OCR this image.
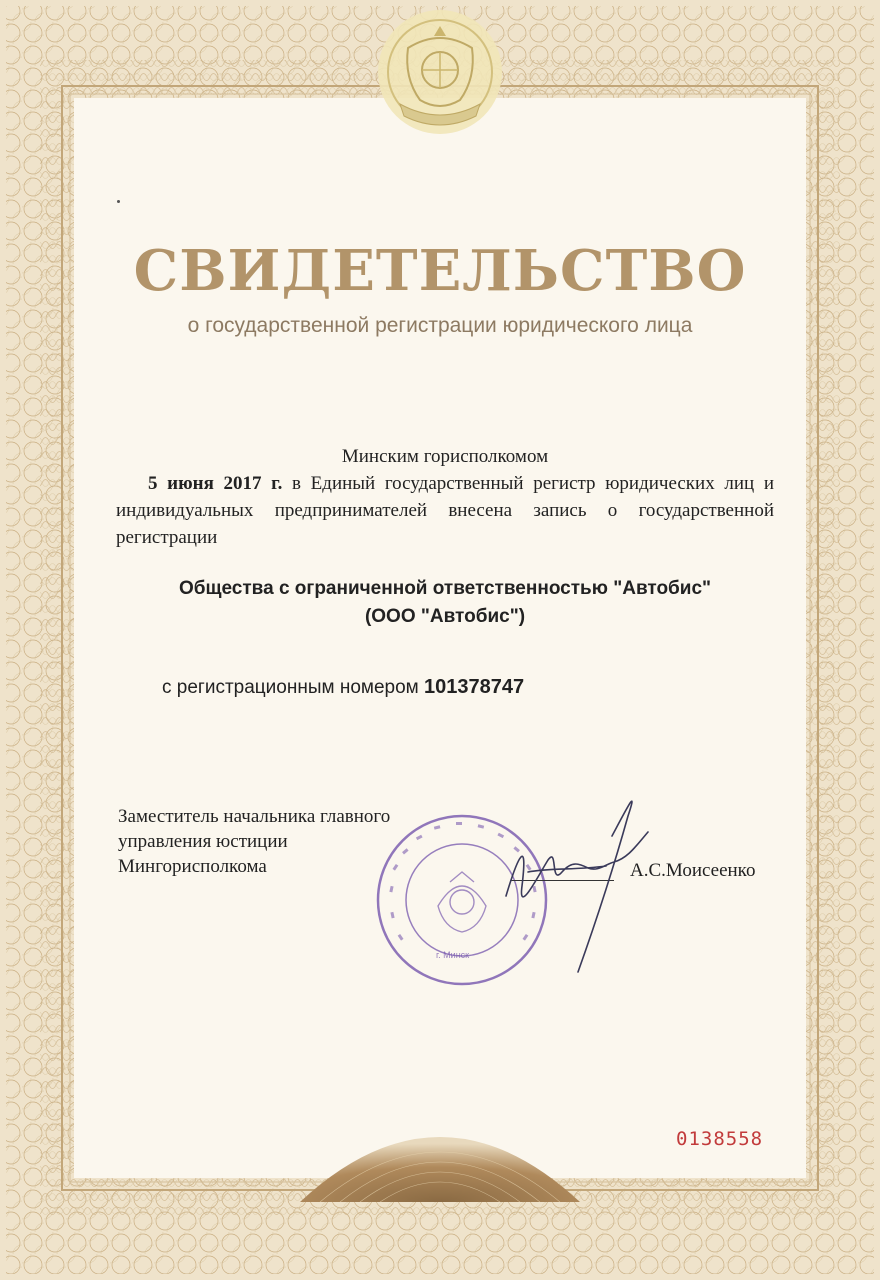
СВИДЕТЕЛЬСТВО
о государственной регистрации юридического лица
Минским горисполкомом
5 июня 2017 г. в Единый государственный регистр юридических лиц и индивидуальных предпринимателей внесена запись о государственной регистрации
Общества с ограниченной ответственностью "Автобис"
(ООО "Автобис")
с регистрационным номером 101378747
Заместитель начальника главного
управления юстиции
Мингорисполкома
г. Минск
А.С.Моисеенко
0138558
